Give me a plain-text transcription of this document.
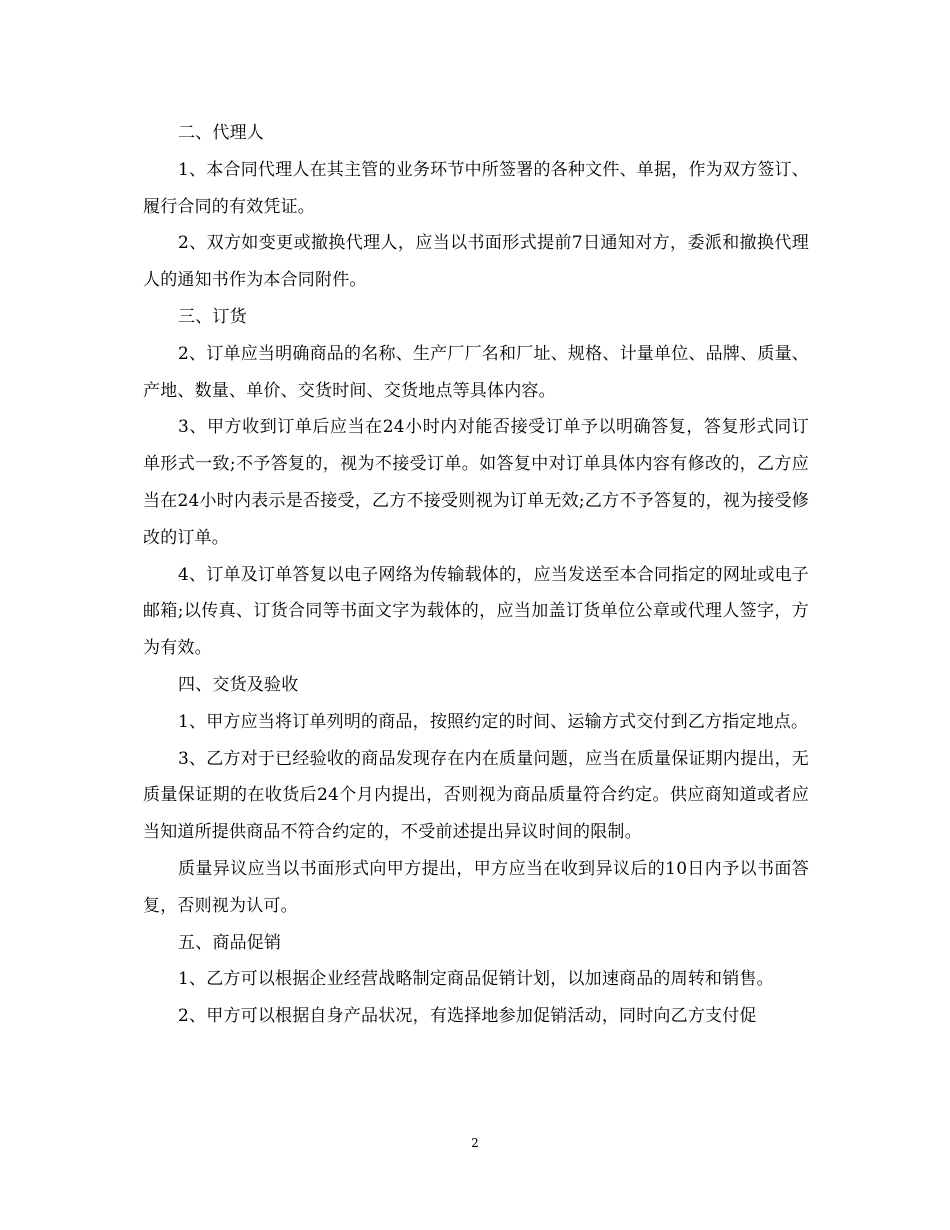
二、代理人

1、本合同代理人在其主管的业务环节中所签署的各种文件、单据，作为双方签订、履行合同的有效凭证。

2、双方如变更或撤换代理人，应当以书面形式提前7日通知对方，委派和撤换代理人的通知书作为本合同附件。

三、订货

2、订单应当明确商品的名称、生产厂厂名和厂址、规格、计量单位、品牌、质量、产地、数量、单价、交货时间、交货地点等具体内容。

3、甲方收到订单后应当在24小时内对能否接受订单予以明确答复，答复形式同订单形式一致;不予答复的，视为不接受订单。如答复中对订单具体内容有修改的，乙方应当在24小时内表示是否接受，乙方不接受则视为订单无效;乙方不予答复的，视为接受修改的订单。

4、订单及订单答复以电子网络为传输载体的，应当发送至本合同指定的网址或电子邮箱;以传真、订货合同等书面文字为载体的，应当加盖订货单位公章或代理人签字，方为有效。

四、交货及验收

1、甲方应当将订单列明的商品，按照约定的时间、运输方式交付到乙方指定地点。

3、乙方对于已经验收的商品发现存在内在质量问题，应当在质量保证期内提出，无质量保证期的在收货后24个月内提出，否则视为商品质量符合约定。供应商知道或者应当知道所提供商品不符合约定的，不受前述提出异议时间的限制。

质量异议应当以书面形式向甲方提出，甲方应当在收到异议后的10日内予以书面答复，否则视为认可。

五、商品促销

1、乙方可以根据企业经营战略制定商品促销计划，以加速商品的周转和销售。

2、甲方可以根据自身产品状况，有选择地参加促销活动，同时向乙方支付促

2
